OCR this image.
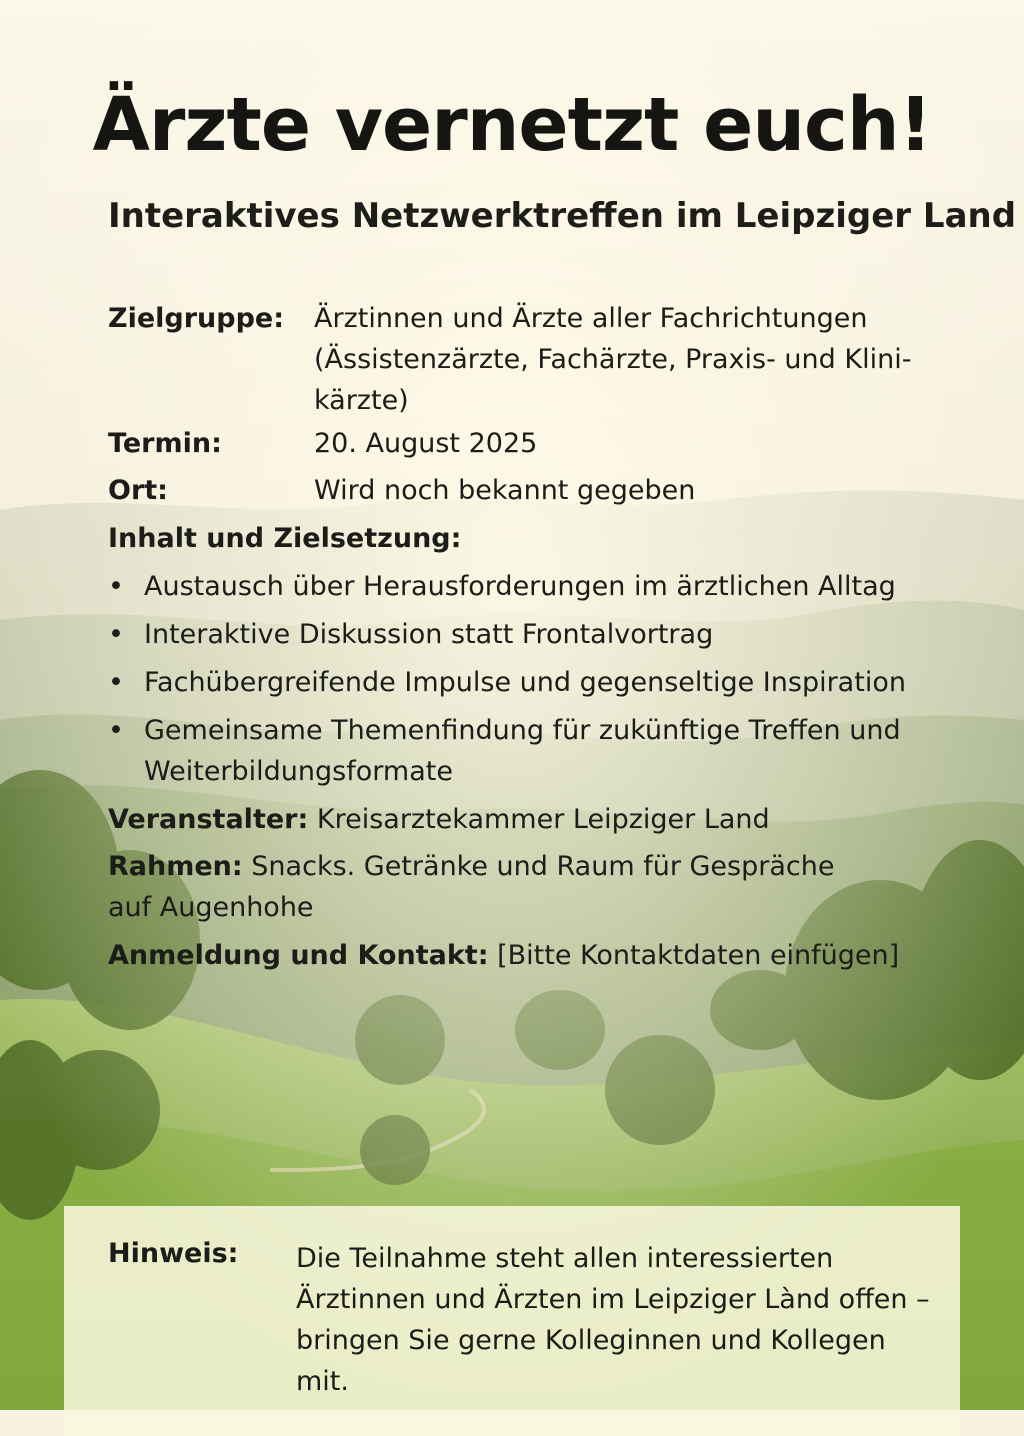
Ärzte vernetzt euch!
Interaktives Netzwerktreffen im Leipziger Land
Zielgruppe: Ärztinnen und Ärzte aller Fachrichtungen
(Ässistenzärzte, Fachärzte, Praxis- und Klini-
kärzte)
Termin:	20. August 2025
Ort:	Wird noch bekannt gegeben
Inhalt und Zielsetzung:
• Austausch über Herausforderungen im ärztlichen Alltag
• Interaktive Diskussion statt Frontalvortrag
• Fachübergreifende Impulse und gegenseltige Inspiration
• Gemeinsame Themenfindung für zukünftige Treffen und Weiterbildungsformate
Veranstalter: Kreisarztekammer Leipziger Land
Rahmen: Snacks. Getränke und Raum für Gespräche
auf Augenhohe
Anmeldung und Kontakt: [Bitte Kontaktdaten einfügen]
Hinweis: Die Teilnahme steht allen interessierten Ärztinnen und Ärzten im Leipziger Lànd offen – bringen Sie gerne Kolleginnen und Kollegen mit.
